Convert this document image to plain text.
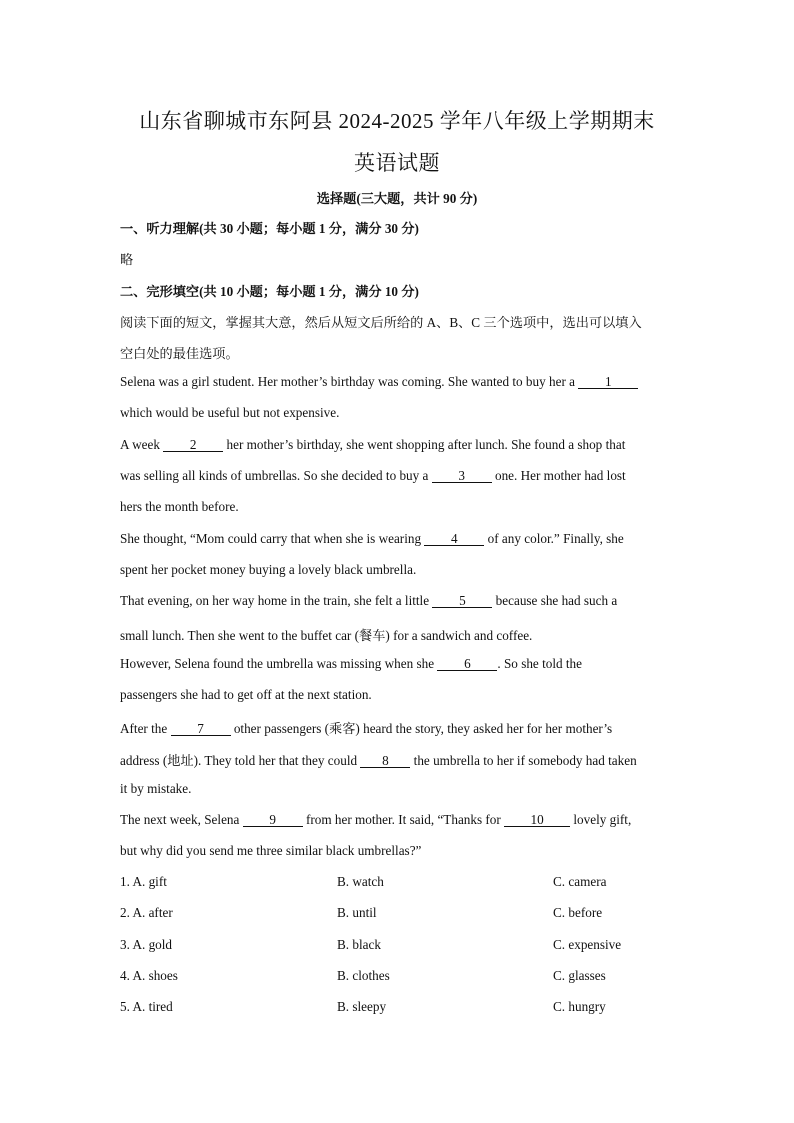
山东省聊城市东阿县 2024-2025 学年八年级上学期期末
英语试题
选择题(三大题，共计 90 分)
一、听力理解(共 30 小题；每小题 1 分，满分 30 分)
略
二、完形填空(共 10 小题；每小题 1 分，满分 10 分)
阅读下面的短文，掌握其大意，然后从短文后所给的 A、B、C 三个选项中，选出可以填入
空白处的最佳选项。
Selena was a girl student. Her mother’s birthday was coming. She wanted to buy her a 1
which would be useful but not expensive.
A week 2 her mother’s birthday, she went shopping after lunch. She found a shop that
was selling all kinds of umbrellas. So she decided to buy a 3 one. Her mother had lost
hers the month before.
She thought, “Mom could carry that when she is wearing 4 of any color.” Finally, she
spent her pocket money buying a lovely black umbrella.
That evening, on her way home in the train, she felt a little 5 because she had such a
small lunch. Then she went to the buffet car (餐车) for a sandwich and coffee.
However, Selena found the umbrella was missing when she 6 . So she told the
passengers she had to get off at the next station.
After the 7 other passengers (乘客) heard the story, they asked her for her mother’s
address (地址). They told her that they could 8 the umbrella to her if somebody had taken
it by mistake.
The next week, Selena 9 from her mother. It said, “Thanks for 10 lovely gift,
but why did you send me three similar black umbrellas?”
1. A. gift	B. watch	C. camera
2. A. after	B. until	C. before
3. A. gold	B. black	C. expensive
4. A. shoes	B. clothes	C. glasses
5. A. tired	B. sleepy	C. hungry
